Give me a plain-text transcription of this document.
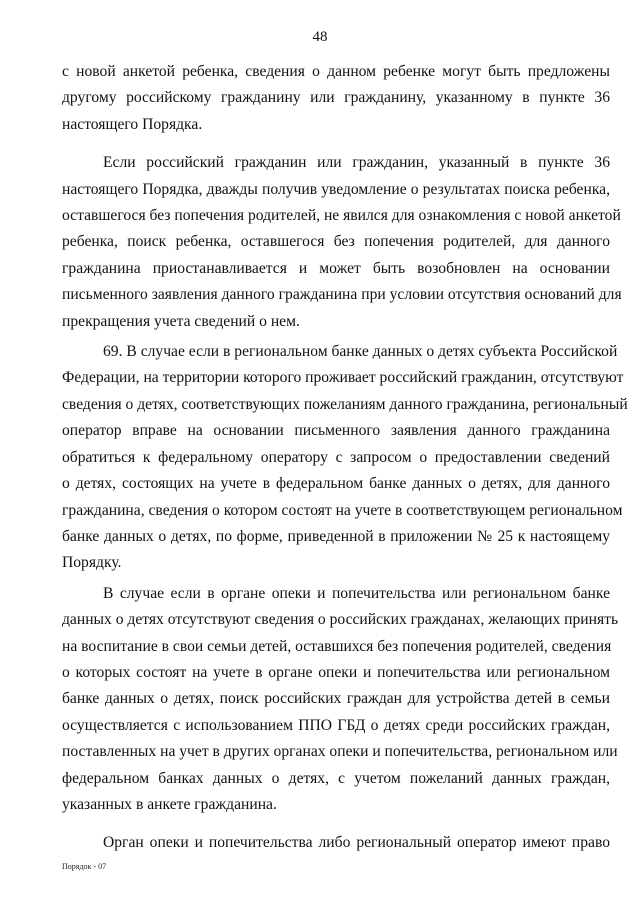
48
с новой анкетой ребенка, сведения о данном ребенке могут быть предложены
другому российскому гражданину или гражданину, указанному в пункте 36
настоящего Порядка.
Если российский гражданин или гражданин, указанный в пункте 36
настоящего Порядка, дважды получив уведомление о результатах поиска ребенка,
оставшегося без попечения родителей, не явился для ознакомления с новой анкетой
ребенка, поиск ребенка, оставшегося без попечения родителей, для данного
гражданина приостанавливается и может быть возобновлен на основании
письменного заявления данного гражданина при условии отсутствия оснований для
прекращения учета сведений о нем.
69. В случае если в региональном банке данных о детях субъекта Российской
Федерации, на территории которого проживает российский гражданин, отсутствуют
сведения о детях, соответствующих пожеланиям данного гражданина, региональный
оператор вправе на основании письменного заявления данного гражданина
обратиться к федеральному оператору с запросом о предоставлении сведений
о детях, состоящих на учете в федеральном банке данных о детях, для данного
гражданина, сведения о котором состоят на учете в соответствующем региональном
банке данных о детях, по форме, приведенной в приложении № 25 к настоящему
Порядку.
В случае если в органе опеки и попечительства или региональном банке
данных о детях отсутствуют сведения о российских гражданах, желающих принять
на воспитание в свои семьи детей, оставшихся без попечения родителей, сведения
о которых состоят на учете в органе опеки и попечительства или региональном
банке данных о детях, поиск российских граждан для устройства детей в семьи
осуществляется с использованием ППО ГБД о детях среди российских граждан,
поставленных на учет в других органах опеки и попечительства, региональном или
федеральном банках данных о детях, с учетом пожеланий данных граждан,
указанных в анкете гражданина.
Орган опеки и попечительства либо региональный оператор имеют право
Порядок - 07
